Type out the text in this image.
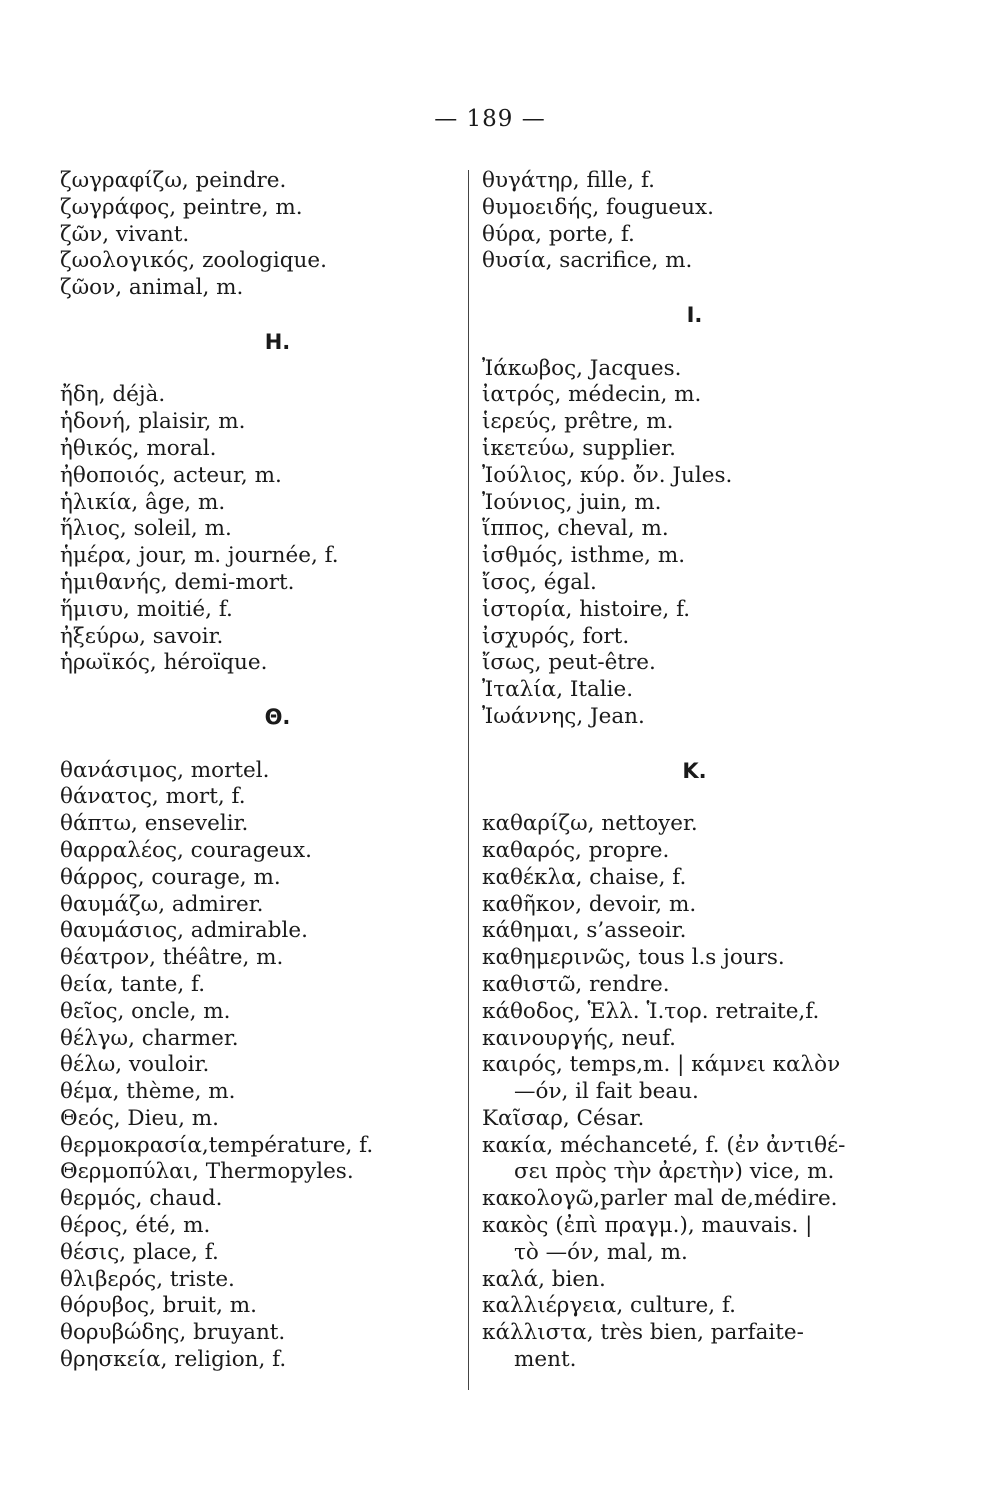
— 189 —
ζωγραφίζω, peindre.
ζωγράφος, peintre, m.
ζῶν, vivant.
ζωολογικός, zoologique.
ζῶον, animal, m.
H.
ἤδη, déjà.
ἡδονή, plaisir, m.
ἠθικός, moral.
ἠθοποιός, acteur, m.
ἡλικία, âge, m.
ἥλιος, soleil, m.
ἡμέρα, jour, m. journée, f.
ἡμιθανής, demi-mort.
ἥμισυ, moitié, f.
ἠξεύρω, savoir.
ἡρωϊκός, héroïque.
Θ.
θανάσιμος, mortel.
θάνατος, mort, f.
θάπτω, ensevelir.
θαρραλέος, courageux.
θάρρος, courage, m.
θαυμάζω, admirer.
θαυμάσιος, admirable.
θέατρον, théâtre, m.
θεία, tante, f.
θεῖος, oncle, m.
θέλγω, charmer.
θέλω, vouloir.
θέμα, thème, m.
Θεός, Dieu, m.
θερμοκρασία,température, f.
Θερμοπύλαι, Thermopyles.
θερμός, chaud.
θέρος, été, m.
θέσις, place, f.
θλιβερός, triste.
θόρυβος, bruit, m.
θορυβώδης, bruyant.
θρησκεία, religion, f.
θυγάτηρ, fille, f.
θυμοειδής, fougueux.
θύρα, porte, f.
θυσία, sacrifice, m.
I.
Ἰάκωβος, Jacques.
ἰατρός, médecin, m.
ἱερεύς, prêtre, m.
ἱκετεύω, supplier.
Ἰούλιος, κύρ. ὄν. Jules.
Ἰούνιος, juin, m.
ἵππος, cheval, m.
ἰσθμός, isthme, m.
ἴσος, égal.
ἱστορία, histoire, f.
ἰσχυρός, fort.
ἴσως, peut-être.
Ἰταλία, Italie.
Ἰωάννης, Jean.
K.
καθαρίζω, nettoyer.
καθαρός, propre.
καθέκλα, chaise, f.
καθῆκον, devoir, m.
κάθημαι, s’asseoir.
καθημερινῶς, tous l.s jours.
καθιστῶ, rendre.
κάθοδος, Ἑλλ. Ἱ.τορ. retraite,f.
καινουργής, neuf.
καιρός, temps,m. | κάμνει καλὸν
—όν, il fait beau.
Καῖσαρ, César.
κακία, méchanceté, f. (ἐν ἀντιθέ-
σει πρὸς τὴν ἀρετὴν) vice, m.
κακολογῶ,parler mal de,médire.
κακὸς (ἐπὶ πραγμ.), mauvais. |
τὸ —όν, mal, m.
καλά, bien.
καλλιέργεια, culture, f.
κάλλιστα, très bien, parfaite-
ment.
